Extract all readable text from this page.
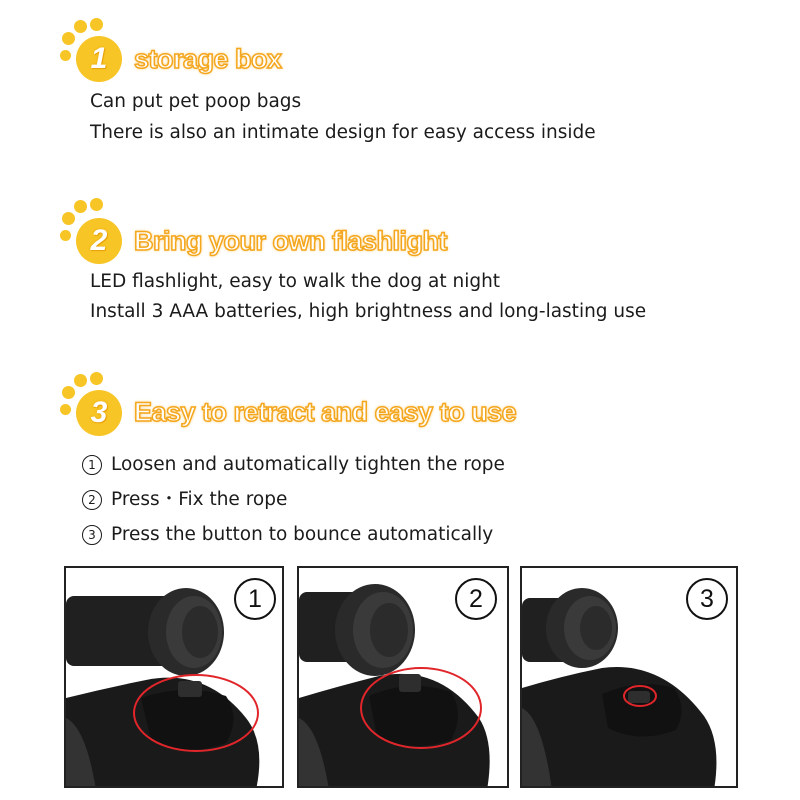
1 storage box
Can put pet poop bags
There is also an intimate design for easy access inside
2 Bring your own flashlight
LED flashlight, easy to walk the dog at night
Install 3 AAA batteries, high brightness and long-lasting use
3 Easy to retract and easy to use
1 Loosen and automatically tighten the rope
2 Press・Fix the rope
3 Press the button to bounce automatically
1	2	3
